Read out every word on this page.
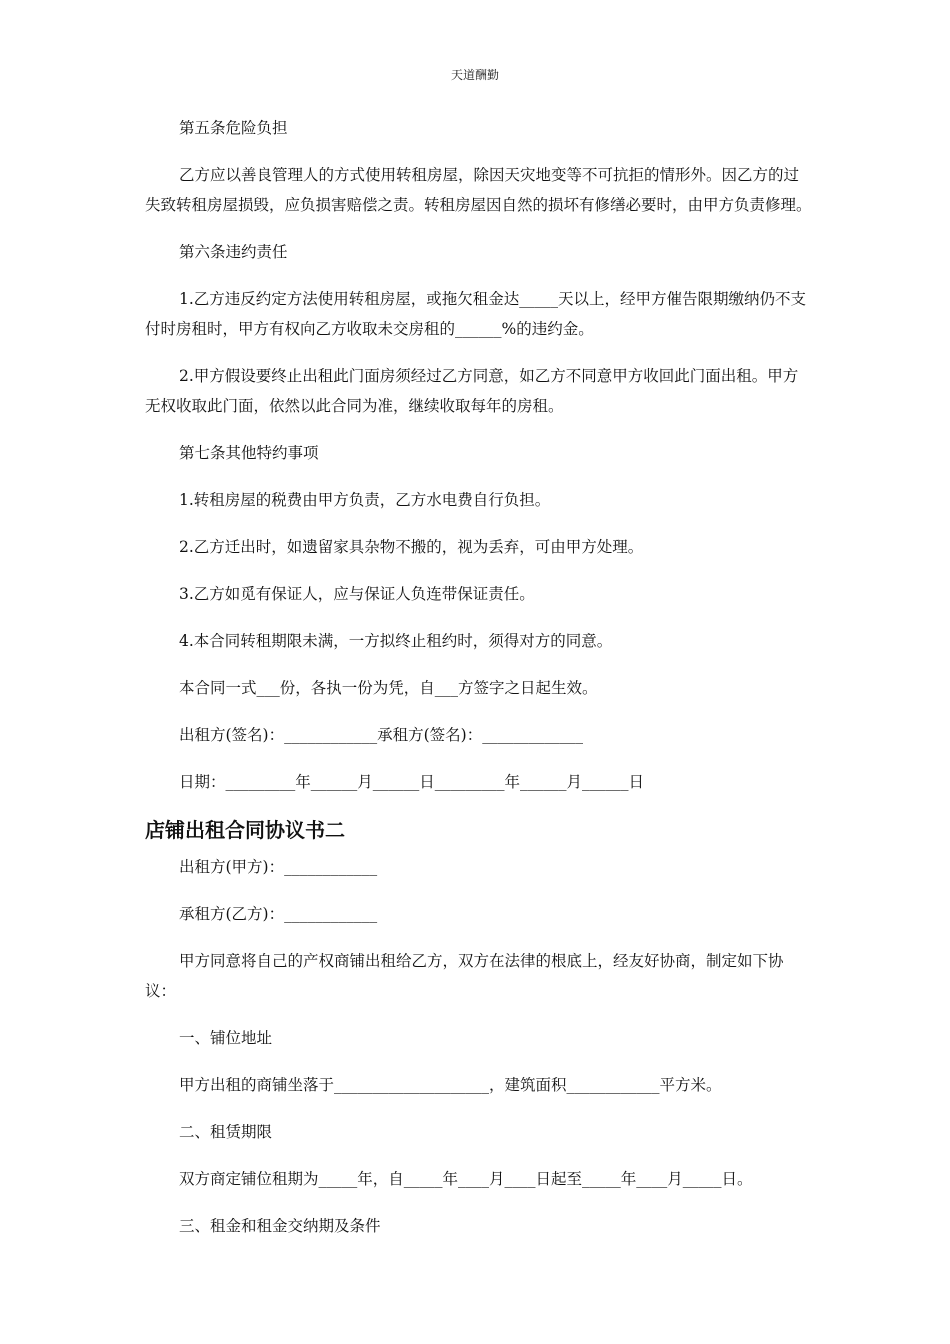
天道酬勤

第五条危险负担

乙方应以善良管理人的方式使用转租房屋，除因天灾地变等不可抗拒的情形外。因乙方的过失致转租房屋损毁，应负损害赔偿之责。转租房屋因自然的损坏有修缮必要时，由甲方负责修理。

第六条违约责任

1.乙方违反约定方法使用转租房屋，或拖欠租金达_____天以上，经甲方催告限期缴纳仍不支付时房租时，甲方有权向乙方收取未交房租的______%的违约金。

2.甲方假设要终止出租此门面房须经过乙方同意，如乙方不同意甲方收回此门面出租。甲方无权收取此门面，依然以此合同为准，继续收取每年的房租。

第七条其他特约事项

1.转租房屋的税费由甲方负责，乙方水电费自行负担。

2.乙方迁出时，如遗留家具杂物不搬的，视为丢弃，可由甲方处理。

3.乙方如觅有保证人，应与保证人负连带保证责任。

4.本合同转租期限未满，一方拟终止租约时，须得对方的同意。

本合同一式___份，各执一份为凭，自___方签字之日起生效。

出租方(签名)：____________承租方(签名)：_____________

日期：_________年______月______日_________年______月______日

店铺出租合同协议书二

出租方(甲方)：____________

承租方(乙方)：____________

甲方同意将自己的产权商铺出租给乙方，双方在法律的根底上，经友好协商，制定如下协议：

一、铺位地址

甲方出租的商铺坐落于____________________，建筑面积____________平方米。

二、租赁期限

双方商定铺位租期为_____年，自_____年____月____日起至_____年____月_____日。

三、租金和租金交纳期及条件
